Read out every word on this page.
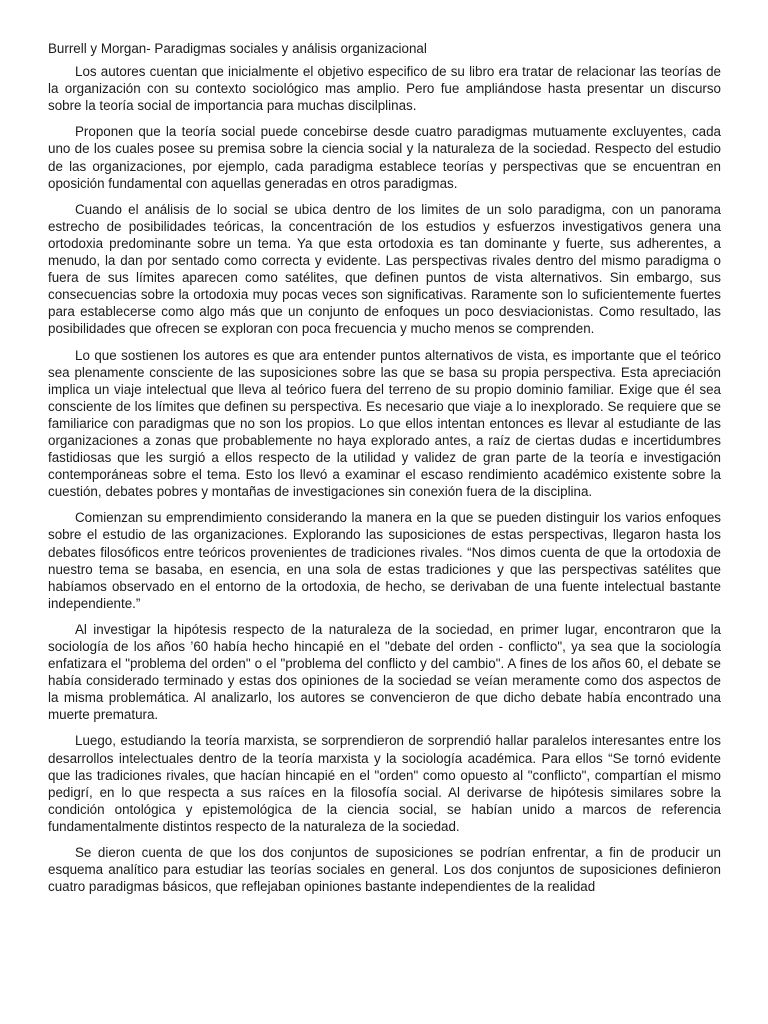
Burrell y Morgan- Paradigmas sociales y análisis organizacional

Los autores cuentan que inicialmente el objetivo especifico de su libro era tratar de relacionar las teorías de la organización con su contexto sociológico mas amplio. Pero fue ampliándose hasta presentar un discurso sobre la teoría social de importancia para muchas discilplinas.

Proponen que la teoría social puede concebirse desde cuatro paradigmas mutuamente excluyentes, cada uno de los cuales posee su premisa sobre la ciencia social y la naturaleza de la sociedad. Respecto del estudio de las organizaciones, por ejemplo, cada paradigma establece teorías y perspectivas que se encuentran en oposición fundamental con aquellas generadas en otros paradigmas.

Cuando el análisis de lo social se ubica dentro de los limites de un solo paradigma, con un panorama estrecho de posibilidades teóricas, la concentración de los estudios y esfuerzos investigativos genera una ortodoxia predominante sobre un tema. Ya que esta ortodoxia es tan dominante y fuerte, sus adherentes, a menudo, la dan por sentado como correcta y evidente. Las perspectivas rivales dentro del mismo paradigma o fuera de sus límites aparecen como satélites, que definen puntos de vista alternativos. Sin embargo, sus consecuencias sobre la ortodoxia muy pocas veces son significativas. Raramente son lo suficientemente fuertes para establecerse como algo más que un conjunto de enfoques un poco desviacionistas. Como resultado, las posibilidades que ofrecen se exploran con poca frecuencia y mucho menos se comprenden.

Lo que sostienen los autores es que ara entender puntos alternativos de vista, es importante que el teórico sea plenamente consciente de las suposiciones sobre las que se basa su propia perspectiva. Esta apreciación implica un viaje intelectual que lleva al teórico fuera del terreno de su propio dominio familiar. Exige que él sea consciente de los límites que definen su perspectiva. Es necesario que viaje a lo inexplorado. Se requiere que se familiarice con paradigmas que no son los propios. Lo que ellos intentan entonces es llevar al estudiante de las organizaciones a zonas que probablemente no haya explorado antes, a raíz de ciertas dudas e incertidumbres fastidiosas que les surgió a ellos respecto de la utilidad y validez de gran parte de la teoría e investigación contemporáneas sobre el tema. Esto los llevó a examinar el escaso rendimiento académico existente sobre la cuestión, debates pobres y montañas de investigaciones sin conexión fuera de la disciplina.

Comienzan su emprendimiento considerando la manera en la que se pueden distinguir los varios enfoques sobre el estudio de las organizaciones. Explorando las suposiciones de estas perspectivas, llegaron hasta los debates filosóficos entre teóricos provenientes de tradiciones rivales. “Nos dimos cuenta de que la ortodoxia de nuestro tema se basaba, en esencia, en una sola de estas tradiciones y que las perspectivas satélites que habíamos observado en el entorno de la ortodoxia, de hecho, se derivaban de una fuente intelectual bastante independiente.”

Al investigar la hipótesis respecto de la naturaleza de la sociedad, en primer lugar, encontraron que la sociología de los años ’60 había hecho hincapié en el "debate del orden - conflicto", ya sea que la sociología enfatizara el "problema del orden" o el "problema del conflicto y del cambio". A fines de los años 60, el debate se había considerado terminado y estas dos opiniones de la sociedad se veían meramente como dos aspectos de la misma problemática. Al analizarlo, los autores se convencieron de que dicho debate había encontrado una muerte prematura.

Luego, estudiando la teoría marxista, se sorprendieron de sorprendió hallar paralelos interesantes entre los desarrollos intelectuales dentro de la teoría marxista y la sociología académica. Para ellos “Se tornó evidente que las tradiciones rivales, que hacían hincapié en el "orden" como opuesto al "conflicto", compartían el mismo pedigrí, en lo que respecta a sus raíces en la filosofía social. Al derivarse de hipótesis similares sobre la condición ontológica y epistemológica de la ciencia social, se habían unido a marcos de referencia fundamentalmente distintos respecto de la naturaleza de la sociedad.

Se dieron cuenta de que los dos conjuntos de suposiciones se podrían enfrentar, a fin de producir un esquema analítico para estudiar las teorías sociales en general. Los dos conjuntos de suposiciones definieron cuatro paradigmas básicos, que reflejaban opiniones bastante independientes de la realidad
